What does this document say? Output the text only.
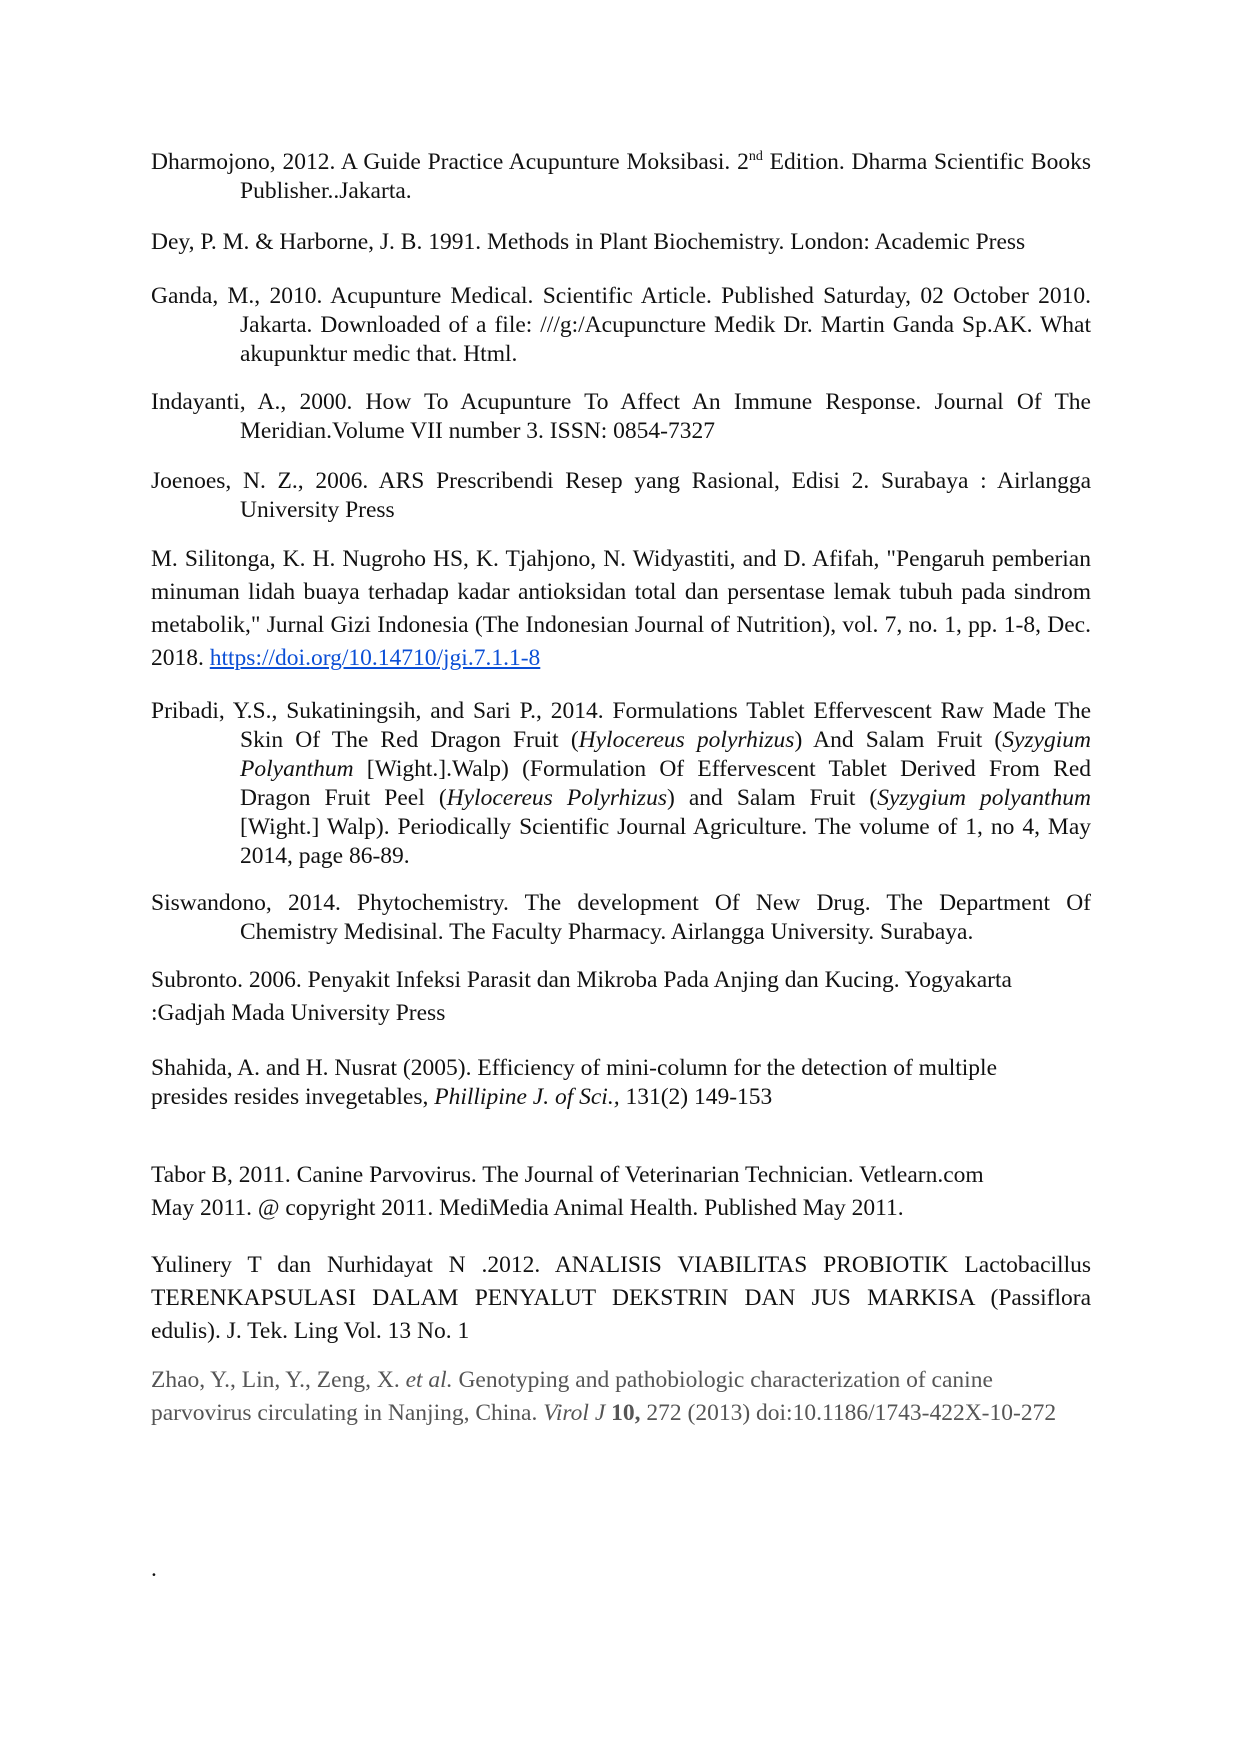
Dharmojono, 2012. A Guide Practice Acupunture Moksibasi. 2nd Edition. Dharma Scientific Books Publisher..Jakarta.

Dey, P. M. & Harborne, J. B. 1991. Methods in Plant Biochemistry. London: Academic Press

Ganda, M., 2010. Acupunture Medical. Scientific Article. Published Saturday, 02 October 2010. Jakarta. Downloaded of a file: ///g:/Acupuncture Medik Dr. Martin Ganda Sp.AK. What akupunktur medic that. Html.

Indayanti, A., 2000. How To Acupunture To Affect An Immune Response. Journal Of The Meridian.Volume VII number 3. ISSN: 0854-7327

Joenoes, N. Z., 2006. ARS Prescribendi Resep yang Rasional, Edisi 2. Surabaya : Airlangga University Press

M. Silitonga, K. H. Nugroho HS, K. Tjahjono, N. Widyastiti, and D. Afifah, "Pengaruh pemberian minuman lidah buaya terhadap kadar antioksidan total dan persentase lemak tubuh pada sindrom metabolik," Jurnal Gizi Indonesia (The Indonesian Journal of Nutrition), vol. 7, no. 1, pp. 1-8, Dec. 2018. https://doi.org/10.14710/jgi.7.1.1-8

Pribadi, Y.S., Sukatiningsih, and Sari P., 2014. Formulations Tablet Effervescent Raw Made The Skin Of The Red Dragon Fruit (Hylocereus polyrhizus) And Salam Fruit (Syzygium Polyanthum [Wight.].Walp) (Formulation Of Effervescent Tablet Derived From Red Dragon Fruit Peel (Hylocereus Polyrhizus) and Salam Fruit (Syzygium polyanthum [Wight.] Walp). Periodically Scientific Journal Agriculture. The volume of 1, no 4, May 2014, page 86-89.

Siswandono, 2014. Phytochemistry. The development Of New Drug. The Department Of Chemistry Medisinal. The Faculty Pharmacy. Airlangga University. Surabaya.

Subronto. 2006. Penyakit Infeksi Parasit dan Mikroba Pada Anjing dan Kucing. Yogyakarta
:Gadjah Mada University Press

Shahida, A. and H. Nusrat (2005). Efficiency of mini-column for the detection of multiple presides resides invegetables, Phillipine J. of Sci., 131(2) 149-153

Tabor B, 2011. Canine Parvovirus. The Journal of Veterinarian Technician. Vetlearn.com
May 2011. @ copyright 2011. MediMedia Animal Health. Published May 2011.

Yulinery T dan Nurhidayat N .2012. ANALISIS VIABILITAS PROBIOTIK Lactobacillus TERENKAPSULASI DALAM PENYALUT DEKSTRIN DAN JUS MARKISA (Passiflora edulis). J. Tek. Ling Vol. 13 No. 1

Zhao, Y., Lin, Y., Zeng, X. et al. Genotyping and pathobiologic characterization of canine parvovirus circulating in Nanjing, China. Virol J 10, 272 (2013) doi:10.1186/1743-422X-10-272

.
